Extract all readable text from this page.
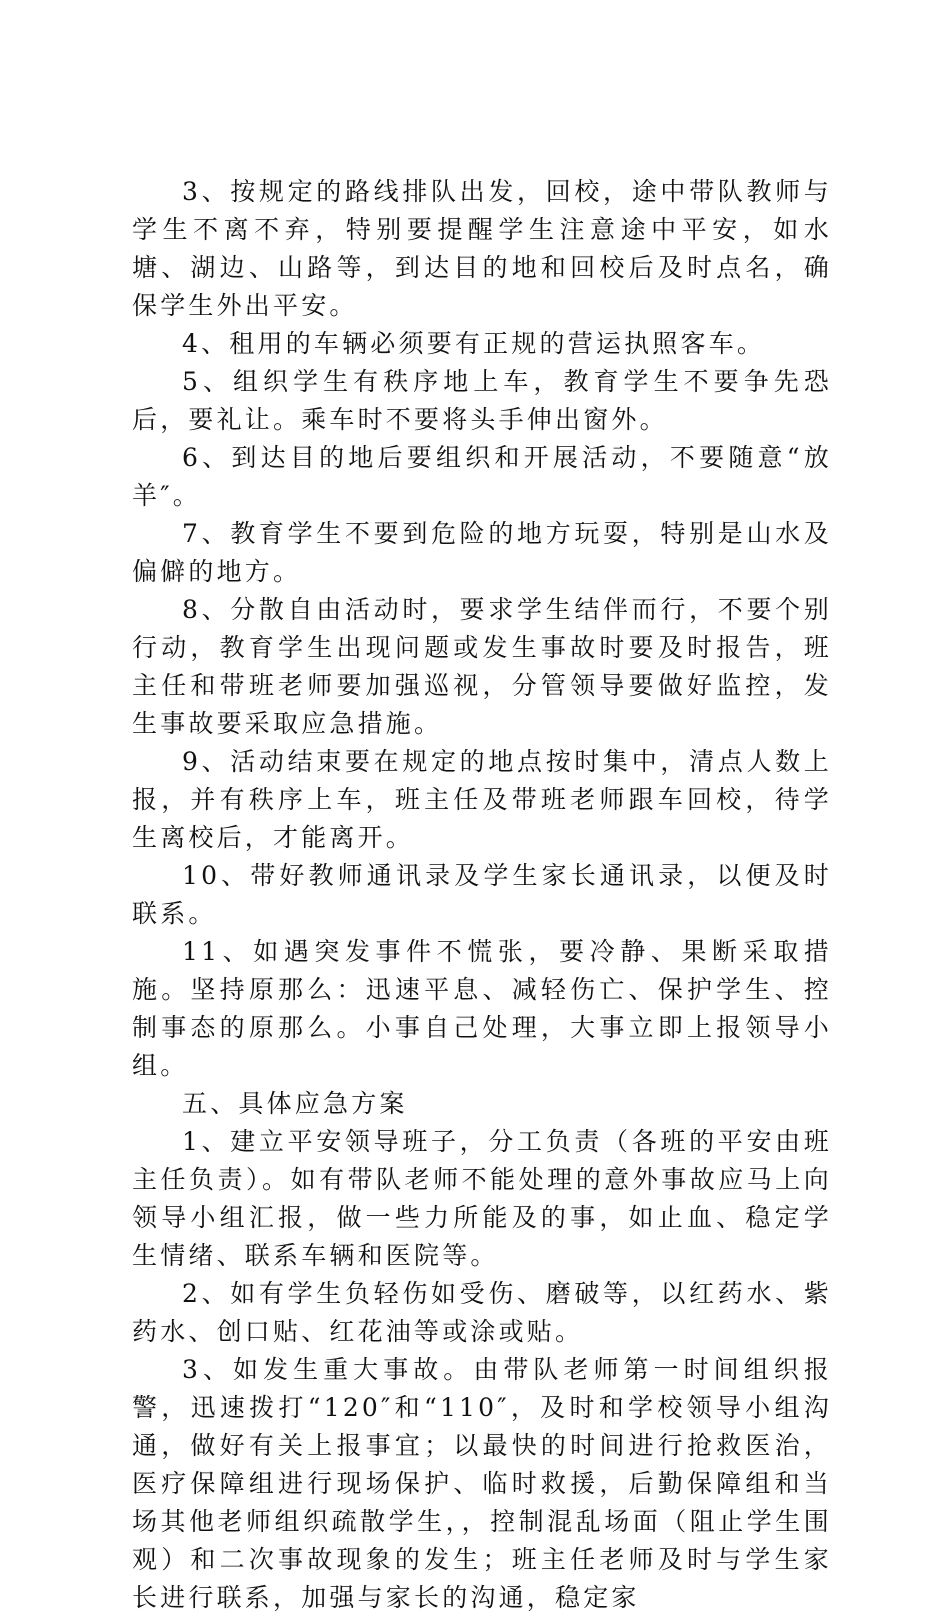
3、按规定的路线排队出发，回校，途中带队教师与学生不离不弃，特别要提醒学生注意途中平安，如水塘、湖边、山路等，到达目的地和回校后及时点名，确保学生外出平安。

4、租用的车辆必须要有正规的营运执照客车。

5、组织学生有秩序地上车，教育学生不要争先恐后，要礼让。乘车时不要将头手伸出窗外。

6、到达目的地后要组织和开展活动，不要随意“放羊″。

7、教育学生不要到危险的地方玩耍，特别是山水及偏僻的地方。

8、分散自由活动时，要求学生结伴而行，不要个别行动，教育学生出现问题或发生事故时要及时报告，班主任和带班老师要加强巡视，分管领导要做好监控，发生事故要采取应急措施。

9、活动结束要在规定的地点按时集中，清点人数上报，并有秩序上车，班主任及带班老师跟车回校，待学生离校后，才能离开。

10、带好教师通讯录及学生家长通讯录，以便及时联系。

11、如遇突发事件不慌张，要冷静、果断采取措施。坚持原那么：迅速平息、减轻伤亡、保护学生、控制事态的原那么。小事自己处理，大事立即上报领导小组。

五、具体应急方案

1、建立平安领导班子，分工负责（各班的平安由班主任负责）。如有带队老师不能处理的意外事故应马上向领导小组汇报，做一些力所能及的事，如止血、稳定学生情绪、联系车辆和医院等。

2、如有学生负轻伤如受伤、磨破等，以红药水、紫药水、创口贴、红花油等或涂或贴。

3、如发生重大事故。由带队老师第一时间组织报警，迅速拨打“120″和“110″，及时和学校领导小组沟通，做好有关上报事宜；以最快的时间进行抢救医治，医疗保障组进行现场保护、临时救援，后勤保障组和当场其他老师组织疏散学生，，控制混乱场面（阻止学生围观）和二次事故现象的发生；班主任老师及时与学生家长进行联系，加强与家长的沟通，稳定家
